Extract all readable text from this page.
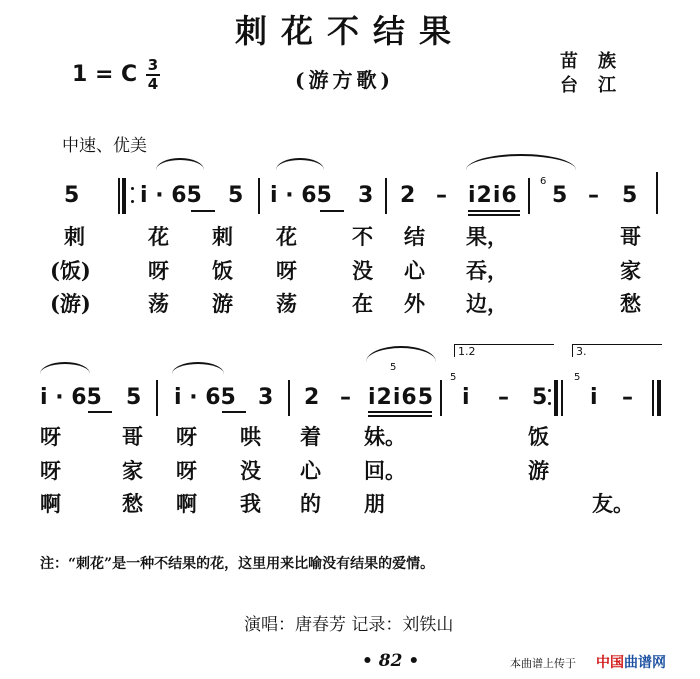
刺花不结果
1 = C 3
4	(游方歌)
苗族
台江
中速、优美
5	i · 65 5 i · 65 3 2 – i2i6
6
5 – 5
刺	花 刺 花	不 结 果，	哥
(饭)	呀 饭 呀	没 心 吞，	家
(游)	荡 游 荡	在 外 边，	愁
5
1.2	3.
i · 65 5 i · 65 3 2 – i2i65
5
i – 5
5
i –
呀	哥 呀 哄 着 妹。	饭
呀	家 呀 没 心 回。	游
啊	愁 啊 我 的 朋	友。
注：“刺花”是一种不结果的花，这里用来比喻没有结果的爱情。
演唱：唐春芳 记录：刘铁山
• 82 •	本曲谱上传于 中国曲谱网
